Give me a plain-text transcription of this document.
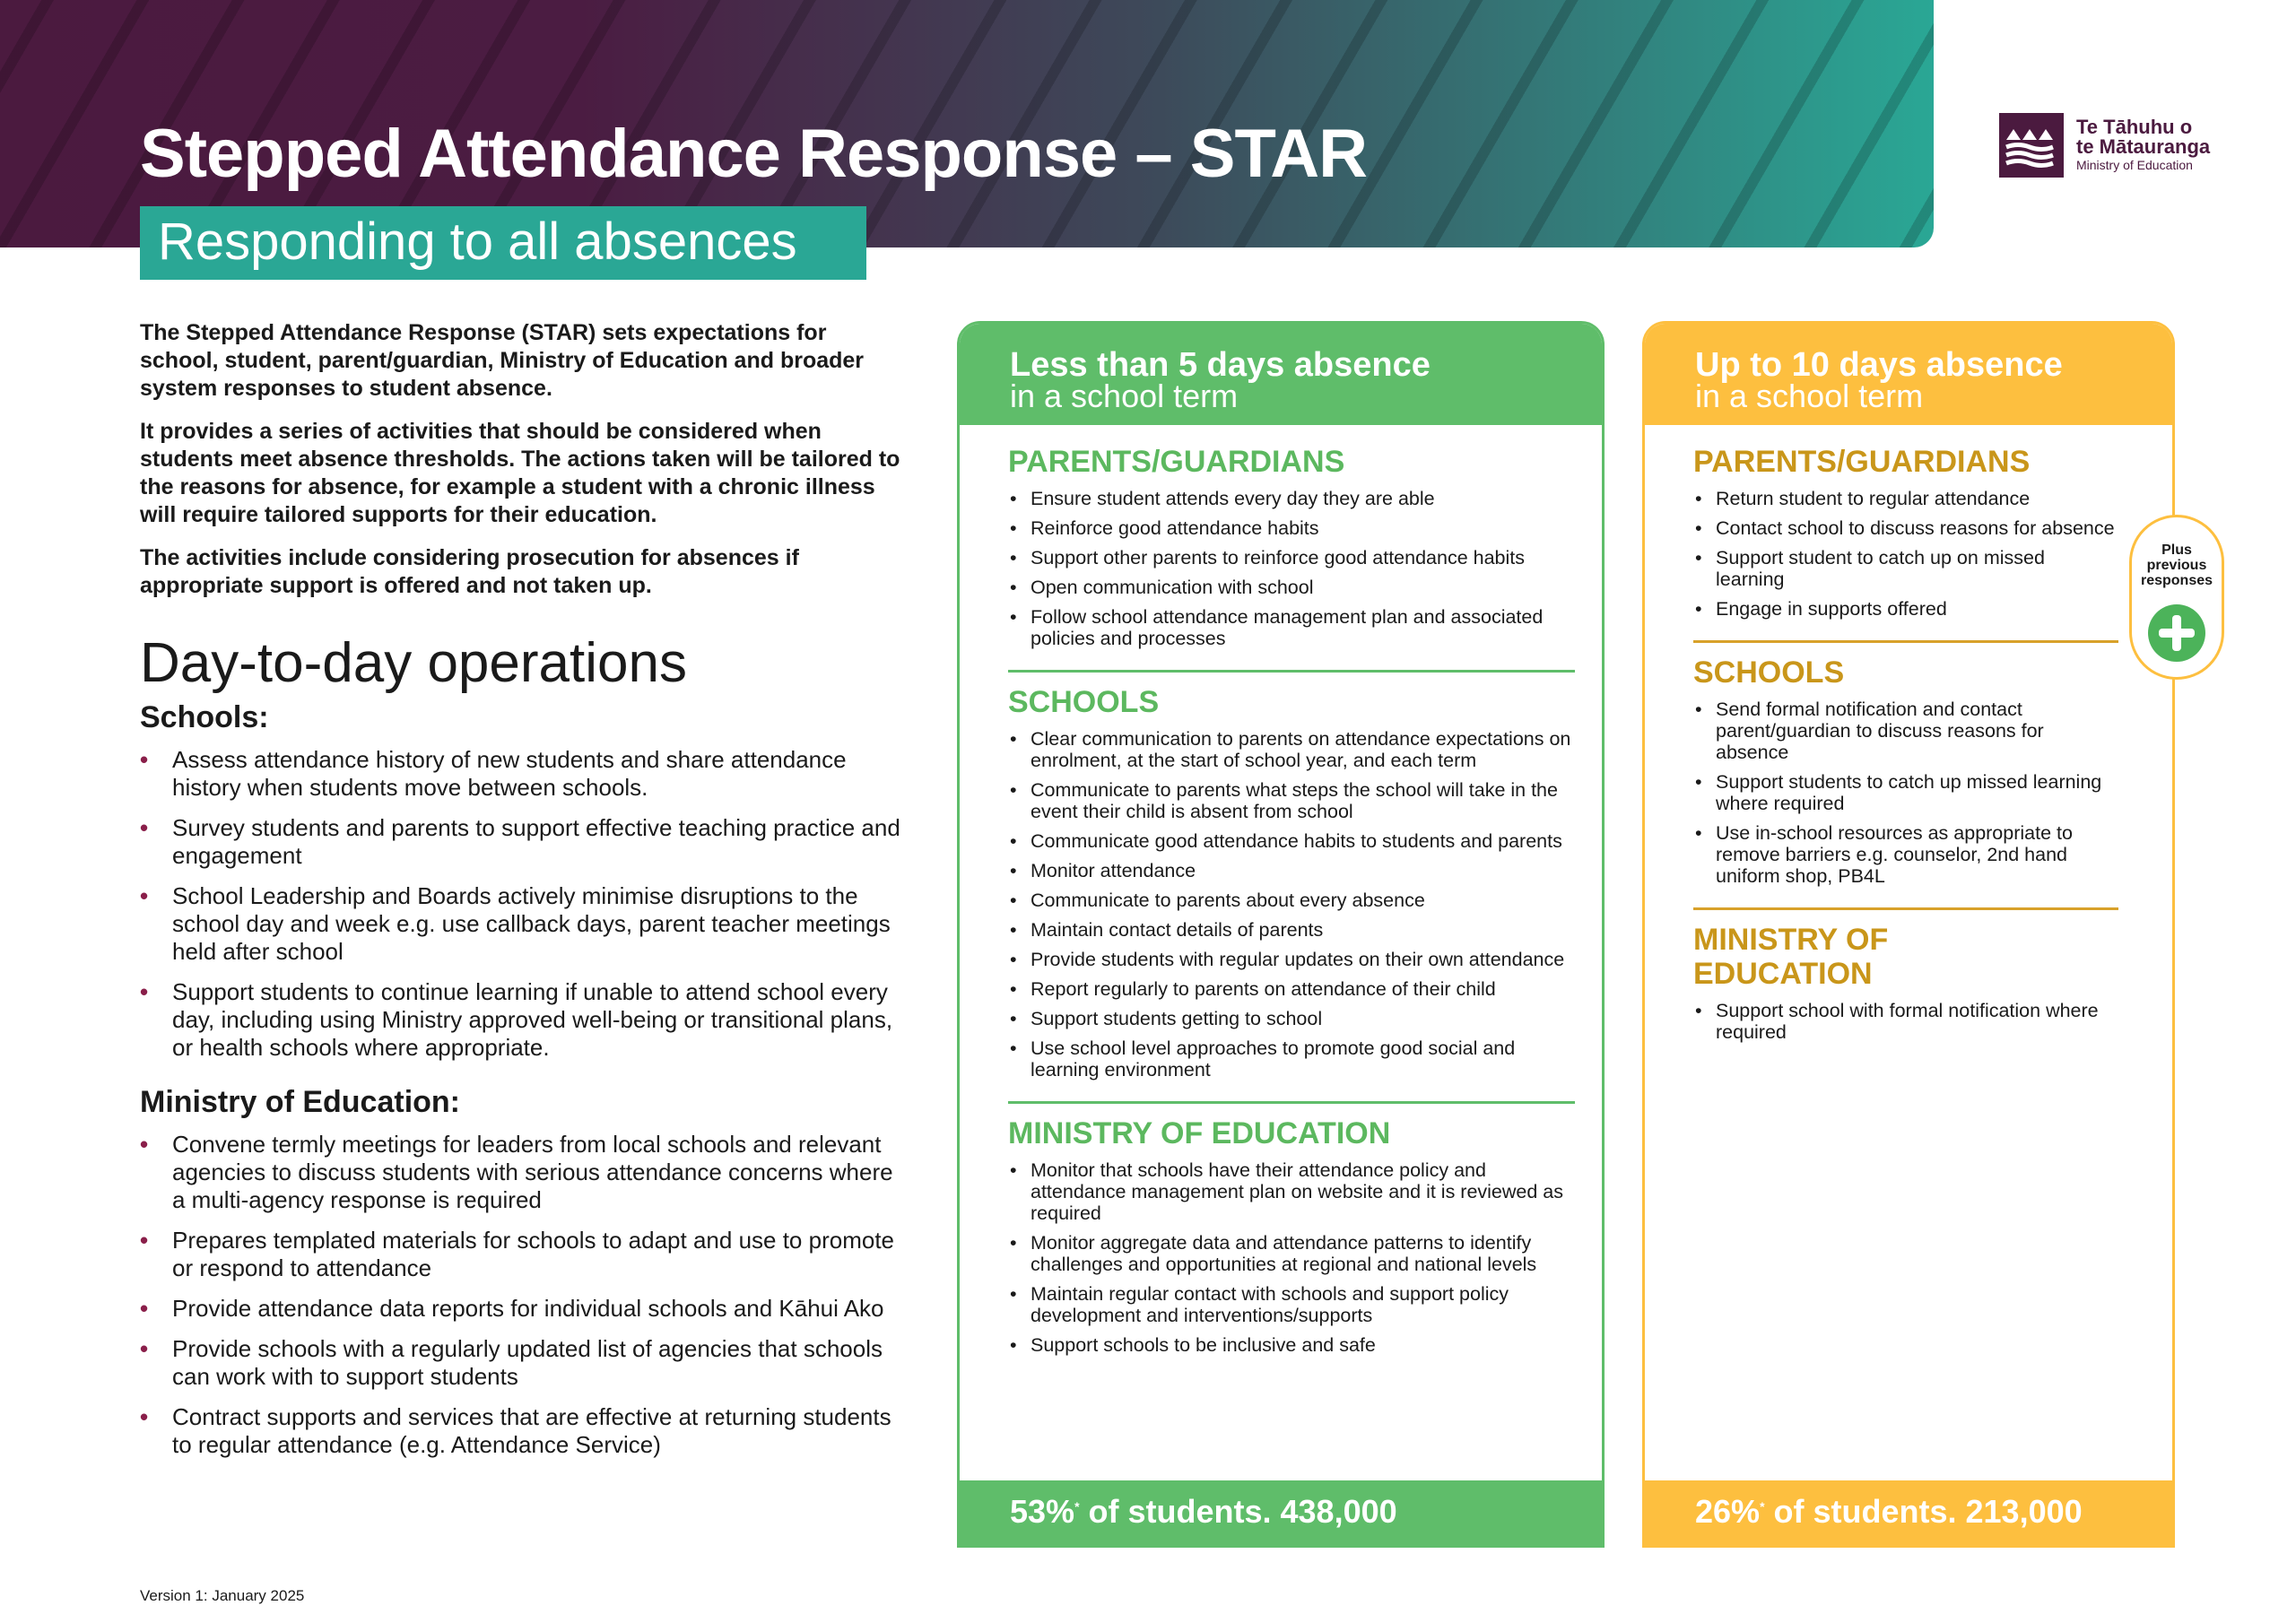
Stepped Attendance Response – STAR
Responding to all absences
Te Tāhuhu o
te Mātauranga
Ministry of Education

The Stepped Attendance Response (STAR) sets expectations for school, student, parent/guardian, Ministry of Education and broader system responses to student absence.

It provides a series of activities that should be considered when students meet absence thresholds. The actions taken will be tailored to the reasons for absence, for example a student with a chronic illness will require tailored supports for their education.

The activities include considering prosecution for absences if appropriate support is offered and not taken up.

Day-to-day operations
Schools:
• Assess attendance history of new students and share attendance history when students move between schools.
• Survey students and parents to support effective teaching practice and engagement
• School Leadership and Boards actively minimise disruptions to the school day and week e.g. use callback days, parent teacher meetings held after school
• Support students to continue learning if unable to attend school every day, including using Ministry approved well-being or transitional plans, or health schools where appropriate.
Ministry of Education:
• Convene termly meetings for leaders from local schools and relevant agencies to discuss students with serious attendance concerns where a multi-agency response is required
• Prepares templated materials for schools to adapt and use to promote or respond to attendance
• Provide attendance data reports for individual schools and Kāhui Ako
• Provide schools with a regularly updated list of agencies that schools can work with to support students
• Contract supports and services that are effective at returning students to regular attendance (e.g. Attendance Service)
Less than 5 days absence
in a school term
PARENTS/GUARDIANS
• Ensure student attends every day they are able
• Reinforce good attendance habits
• Support other parents to reinforce good attendance habits
• Open communication with school
• Follow school attendance management plan and associated policies and processes
SCHOOLS
• Clear communication to parents on attendance expectations on enrolment, at the start of school year, and each term
• Communicate to parents what steps the school will take in the event their child is absent from school
• Communicate good attendance habits to students and parents
• Monitor attendance
• Communicate to parents about every absence
• Maintain contact details of parents
• Provide students with regular updates on their own attendance
• Report regularly to parents on attendance of their child
• Support students getting to school
• Use school level approaches to promote good social and learning environment
MINISTRY OF EDUCATION
• Monitor that schools have their attendance policy and attendance management plan on website and it is reviewed as required
• Monitor aggregate data and attendance patterns to identify challenges and opportunities at regional and national levels
• Maintain regular contact with schools and support policy development and interventions/supports
• Support schools to be inclusive and safe
53%* of students. 438,000
Up to 10 days absence
in a school term
PARENTS/GUARDIANS
• Return student to regular attendance
• Contact school to discuss reasons for absence
• Support student to catch up on missed learning
• Engage in supports offered
SCHOOLS
• Send formal notification and contact parent/guardian to discuss reasons for absence
• Support students to catch up missed learning where required
• Use in-school resources as appropriate to remove barriers e.g. counselor, 2nd hand uniform shop, PB4L
MINISTRY OF EDUCATION
• Support school with formal notification where required
26%* of students. 213,000
Plus previous responses
Version 1: January 2025
